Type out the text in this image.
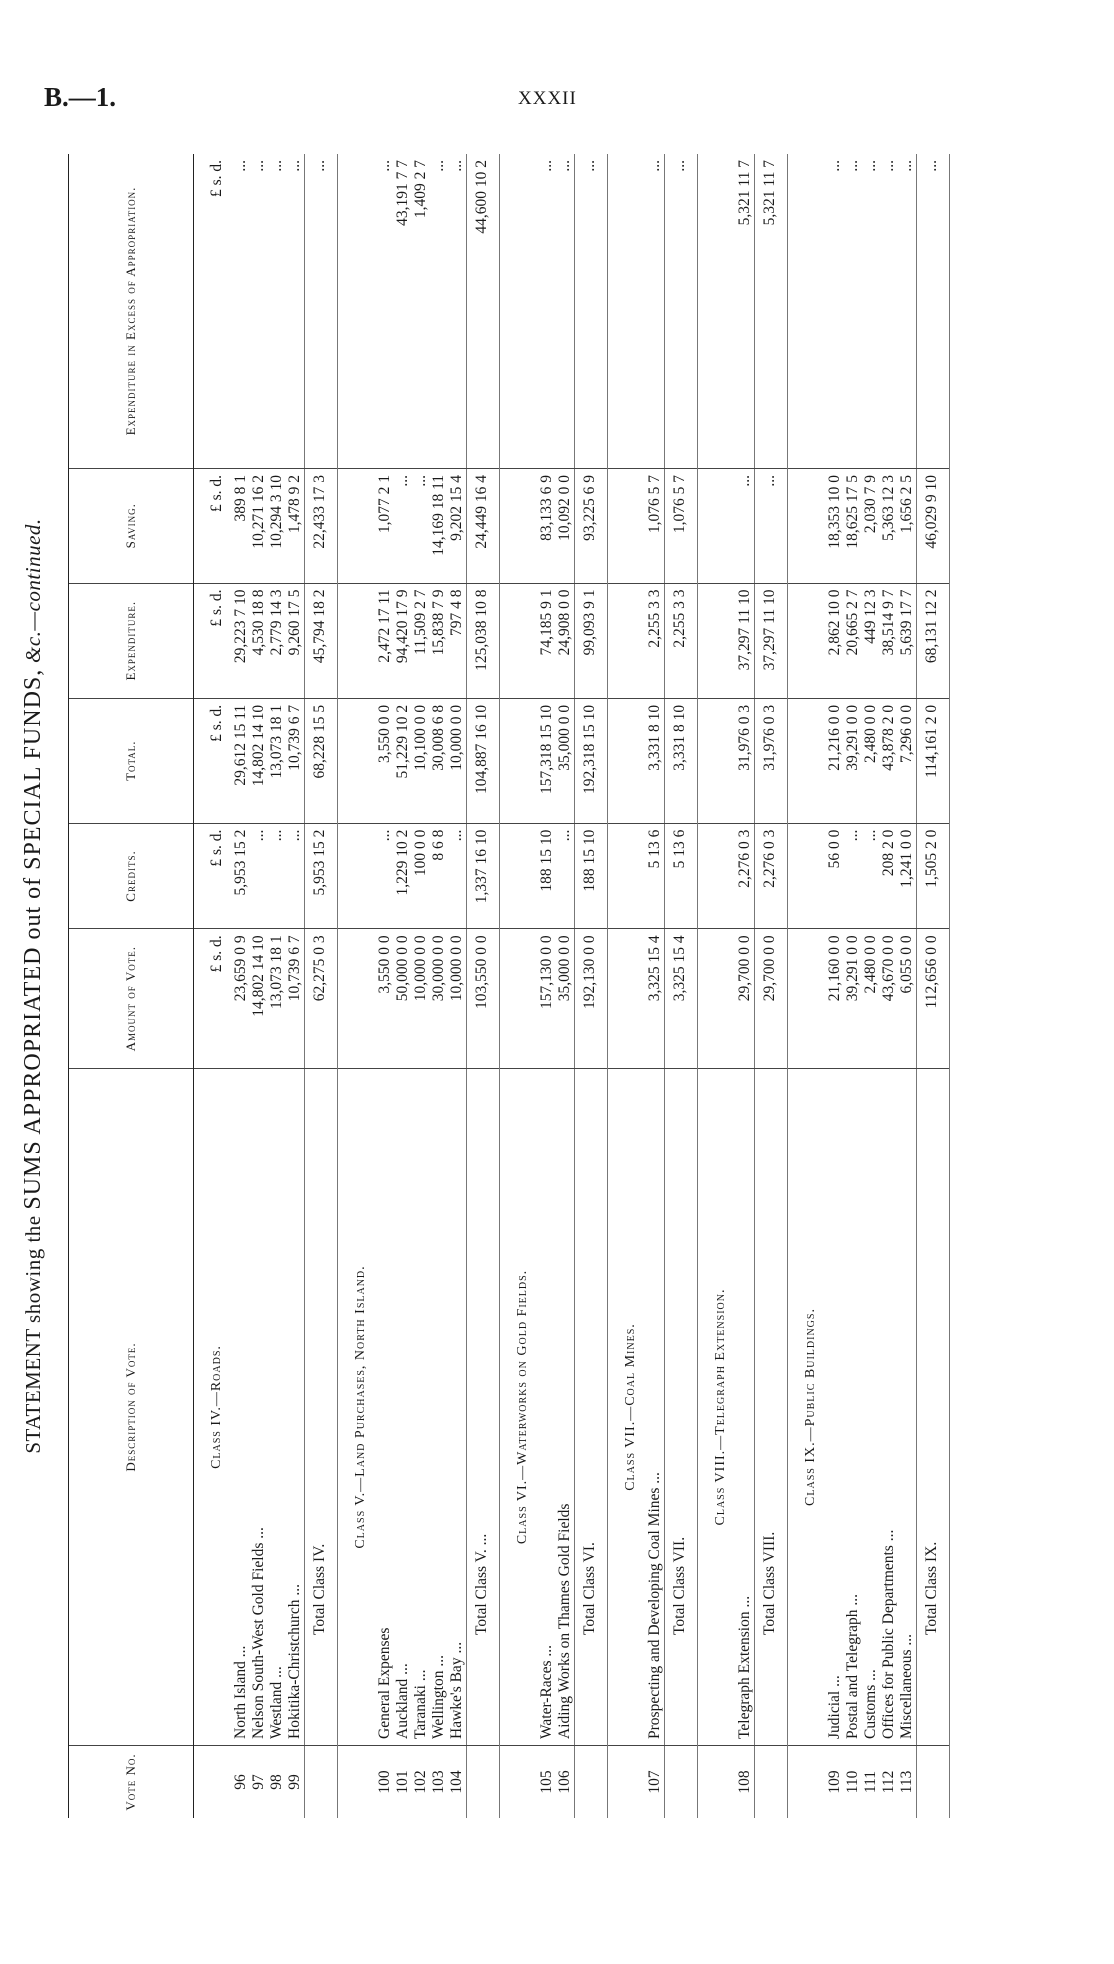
B.—1.	XXXII
STATEMENT showing the SUMS APPROPRIATED out of SPECIAL FUNDS, &c.—continued.
Vote No.	Description of Vote.	Amount of Vote.	Credits.	Total.	Expenditure.	Saving.	Expenditure in Excess of Appropriation.

	Class IV.—Roads.	£ s. d.	£ s. d.	£ s. d.	£ s. d.	£ s. d.	£ s. d.
96	North Island ...	23,659 0 9	5,953 15 2	29,612 15 11	29,223 7 10	389 8 1	...
97	Nelson South-West Gold Fields ...	14,802 14 10	...	14,802 14 10	4,530 18 8	10,271 16 2	...
98	Westland ...	13,073 18 1	...	13,073 18 1	2,779 14 3	10,294 3 10	...
99	Hokitika-Christchurch ...	10,739 6 7	...	10,739 6 7	9,260 17 5	1,478 9 2	...
	Total Class IV.	62,275 0 3	5,953 15 2	68,228 15 5	45,794 18 2	22,433 17 3	...

	Class V.—Land Purchases, North Island.						

100	General Expenses	3,550 0 0	...	3,550 0 0	2,472 17 11	1,077 2 1	...
101	Auckland ...	50,000 0 0	1,229 10 2	51,229 10 2	94,420 17 9	...	43,191 7 7
102	Taranaki ...	10,000 0 0	100 0 0	10,100 0 0	11,509 2 7	...	1,409 2 7
103	Wellington ...	30,000 0 0	8 6 8	30,008 6 8	15,838 7 9	14,169 18 11	...
104	Hawke's Bay ...	10,000 0 0	...	10,000 0 0	797 4 8	9,202 15 4	...
	Total Class V. ...	103,550 0 0	1,337 16 10	104,887 16 10	125,038 10 8	24,449 16 4	44,600 10 2

	Class VI.—Waterworks on Gold Fields.						

105	Water-Races ...	157,130 0 0	188 15 10	157,318 15 10	74,185 9 1	83,133 6 9	...
106	Aiding Works on Thames Gold Fields	35,000 0 0	...	35,000 0 0	24,908 0 0	10,092 0 0	...
	Total Class VI.	192,130 0 0	188 15 10	192,318 15 10	99,093 9 1	93,225 6 9	...

	Class VII.—Coal Mines.						

107	Prospecting and Developing Coal Mines ...	3,325 15 4	5 13 6	3,331 8 10	2,255 3 3	1,076 5 7	...
	Total Class VII.	3,325 15 4	5 13 6	3,331 8 10	2,255 3 3	1,076 5 7	...

	Class VIII.—Telegraph Extension.						

108	Telegraph Extension ...	29,700 0 0	2,276 0 3	31,976 0 3	37,297 11 10	...	5,321 11 7
	Total Class VIII.	29,700 0 0	2,276 0 3	31,976 0 3	37,297 11 10	...	5,321 11 7

	Class IX.—Public Buildings.						

109	Judicial ...	21,160 0 0	56 0 0	21,216 0 0	2,862 10 0	18,353 10 0	...
110	Postal and Telegraph ...	39,291 0 0	...	39,291 0 0	20,665 2 7	18,625 17 5	...
111	Customs ...	2,480 0 0	...	2,480 0 0	449 12 3	2,030 7 9	...
112	Offices for Public Departments ...	43,670 0 0	208 2 0	43,878 2 0	38,514 9 7	5,363 12 3	...
113	Miscellaneous ...	6,055 0 0	1,241 0 0	7,296 0 0	5,639 17 7	1,656 2 5	...
	Total Class IX.	112,656 0 0	1,505 2 0	114,161 2 0	68,131 12 2	46,029 9 10	...
